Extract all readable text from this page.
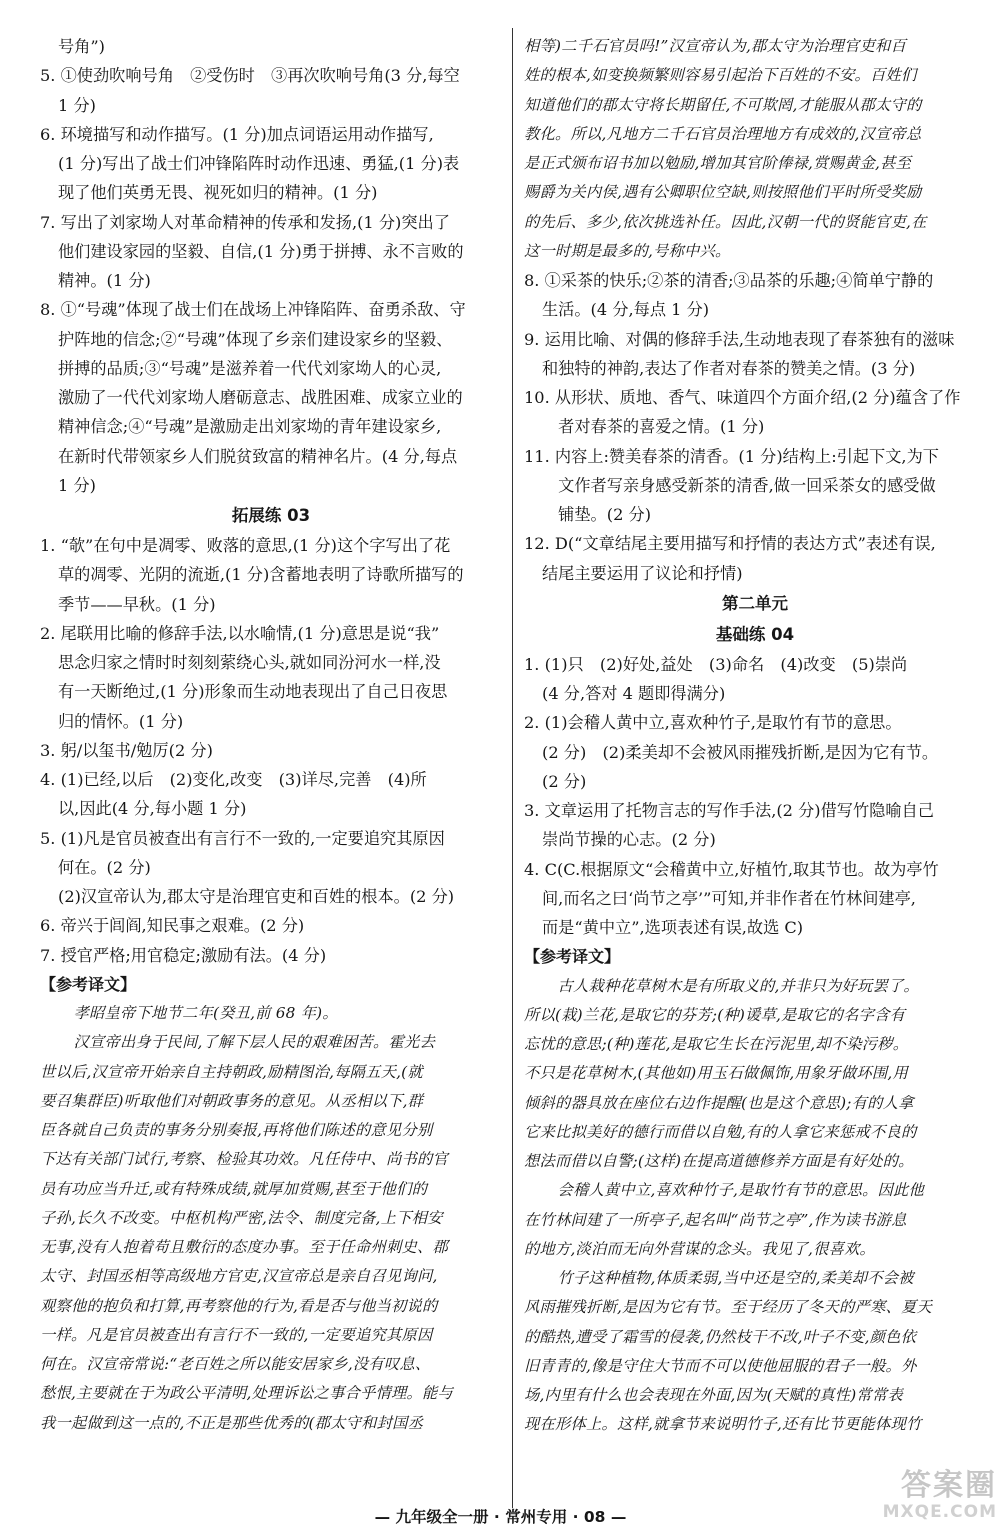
号角”)
5. ①使劲吹响号角　②受伤时　③再次吹响号角(3 分,每空
1 分)
6. 环境描写和动作描写。(1 分)加点词语运用动作描写,
(1 分)写出了战士们冲锋陷阵时动作迅速、勇猛,(1 分)表
现了他们英勇无畏、视死如归的精神。(1 分)
7. 写出了刘家坳人对革命精神的传承和发扬,(1 分)突出了
他们建设家园的坚毅、自信,(1 分)勇于拼搏、永不言败的
精神。(1 分)
8. ①“号魂”体现了战士们在战场上冲锋陷阵、奋勇杀敌、守
护阵地的信念;②“号魂”体现了乡亲们建设家乡的坚毅、
拼搏的品质;③“号魂”是滋养着一代代刘家坳人的心灵,
激励了一代代刘家坳人磨砺意志、战胜困难、成家立业的
精神信念;④“号魂”是激励走出刘家坳的青年建设家乡,
在新时代带领家乡人们脱贫致富的精神名片。(4 分,每点
1 分)
拓展练 03
1. “欹”在句中是凋零、败落的意思,(1 分)这个字写出了花
草的凋零、光阴的流逝,(1 分)含蓄地表明了诗歌所描写的
季节——早秋。(1 分)
2. 尾联用比喻的修辞手法,以水喻情,(1 分)意思是说“我”
思念归家之情时时刻刻萦绕心头,就如同汾河水一样,没
有一天断绝过,(1 分)形象而生动地表现出了自己日夜思
归的情怀。(1 分)
3. 躬/以玺书/勉厉(2 分)
4. (1)已经,以后　(2)变化,改变　(3)详尽,完善　(4)所
以,因此(4 分,每小题 1 分)
5. (1)凡是官员被查出有言行不一致的,一定要追究其原因
何在。(2 分)
(2)汉宣帝认为,郡太守是治理官吏和百姓的根本。(2 分)
6. 帝兴于闾阎,知民事之艰难。(2 分)
7. 授官严格;用官稳定;激励有法。(4 分)
【参考译文】
　孝昭皇帝下地节二年(癸丑,前 68 年)。
　汉宣帝出身于民间,了解下层人民的艰难困苦。霍光去
世以后,汉宣帝开始亲自主持朝政,励精图治,每隔五天,(就
要召集群臣)听取他们对朝政事务的意见。从丞相以下,群
臣各就自己负责的事务分别奏报,再将他们陈述的意见分别
下达有关部门试行,考察、检验其功效。凡任侍中、尚书的官
员有功应当升迁,或有特殊成绩,就厚加赏赐,甚至于他们的
子孙,长久不改变。中枢机构严密,法令、制度完备,上下相安
无事,没有人抱着苟且敷衍的态度办事。至于任命州刺史、郡
太守、封国丞相等高级地方官吏,汉宣帝总是亲自召见询问,
观察他的抱负和打算,再考察他的行为,看是否与他当初说的
一样。凡是官员被查出有言行不一致的,一定要追究其原因
何在。汉宣帝常说:“老百姓之所以能安居家乡,没有叹息、
愁恨,主要就在于为政公平清明,处理诉讼之事合乎情理。能与
我一起做到这一点的,不正是那些优秀的(郡太守和封国丞
相等)二千石官员吗!”汉宣帝认为,郡太守为治理官吏和百
姓的根本,如变换频繁则容易引起治下百姓的不安。百姓们
知道他们的郡太守将长期留任,不可欺罔,才能服从郡太守的
教化。所以,凡地方二千石官员治理地方有成效的,汉宣帝总
是正式颁布诏书加以勉励,增加其官阶俸禄,赏赐黄金,甚至
赐爵为关内侯,遇有公卿职位空缺,则按照他们平时所受奖励
的先后、多少,依次挑选补任。因此,汉朝一代的贤能官吏,在
这一时期是最多的,号称中兴。
8. ①采茶的快乐;②茶的清香;③品茶的乐趣;④简单宁静的
生活。(4 分,每点 1 分)
9. 运用比喻、对偶的修辞手法,生动地表现了春茶独有的滋味
和独特的神韵,表达了作者对春茶的赞美之情。(3 分)
10. 从形状、质地、香气、味道四个方面介绍,(2 分)蕴含了作
　者对春茶的喜爱之情。(1 分)
11. 内容上:赞美春茶的清香。(1 分)结构上:引起下文,为下
　文作者写亲身感受新茶的清香,做一回采茶女的感受做
　铺垫。(2 分)
12. D(“文章结尾主要用描写和抒情的表达方式”表述有误,
结尾主要运用了议论和抒情)
第二单元
基础练 04
1. (1)只　(2)好处,益处　(3)命名　(4)改变　(5)崇尚
(4 分,答对 4 题即得满分)
2. (1)会稽人黄中立,喜欢种竹子,是取竹有节的意思。
(2 分)　(2)柔美却不会被风雨摧残折断,是因为它有节。
(2 分)
3. 文章运用了托物言志的写作手法,(2 分)借写竹隐喻自己
崇尚节操的心志。(2 分)
4. C(C.根据原文“会稽黄中立,好植竹,取其节也。故为亭竹
间,而名之曰‘尚节之亭’”可知,并非作者在竹林间建亭,
而是“黄中立”,选项表述有误,故选 C)
【参考译文】
　古人栽种花草树木是有所取义的,并非只为好玩罢了。
所以(栽)兰花,是取它的芬芳;(种)谖草,是取它的名字含有
忘忧的意思;(种)莲花,是取它生长在污泥里,却不染污秽。
不只是花草树木,(其他如)用玉石做佩饰,用象牙做环围,用
倾斜的器具放在座位右边作提醒(也是这个意思);有的人拿
它来比拟美好的德行而借以自勉,有的人拿它来惩戒不良的
想法而借以自警;(这样)在提高道德修养方面是有好处的。
　会稽人黄中立,喜欢种竹子,是取竹有节的意思。因此他
在竹林间建了一所亭子,起名叫“尚节之亭”,作为读书游息
的地方,淡泊而无向外营谋的念头。我见了,很喜欢。
　竹子这种植物,体质柔弱,当中还是空的,柔美却不会被
风雨摧残折断,是因为它有节。至于经历了冬天的严寒、夏天
的酷热,遭受了霜雪的侵袭,仍然枝干不改,叶子不变,颜色依
旧青青的,像是守住大节而不可以使他屈服的君子一般。外
场,内里有什么也会表现在外面,因为(天赋的真性)常常表
现在形体上。这样,就拿节来说明竹子,还有比节更能体现竹
— 九年级全一册 · 常州专用 · 08 —
答案圈
MXQE.COM
